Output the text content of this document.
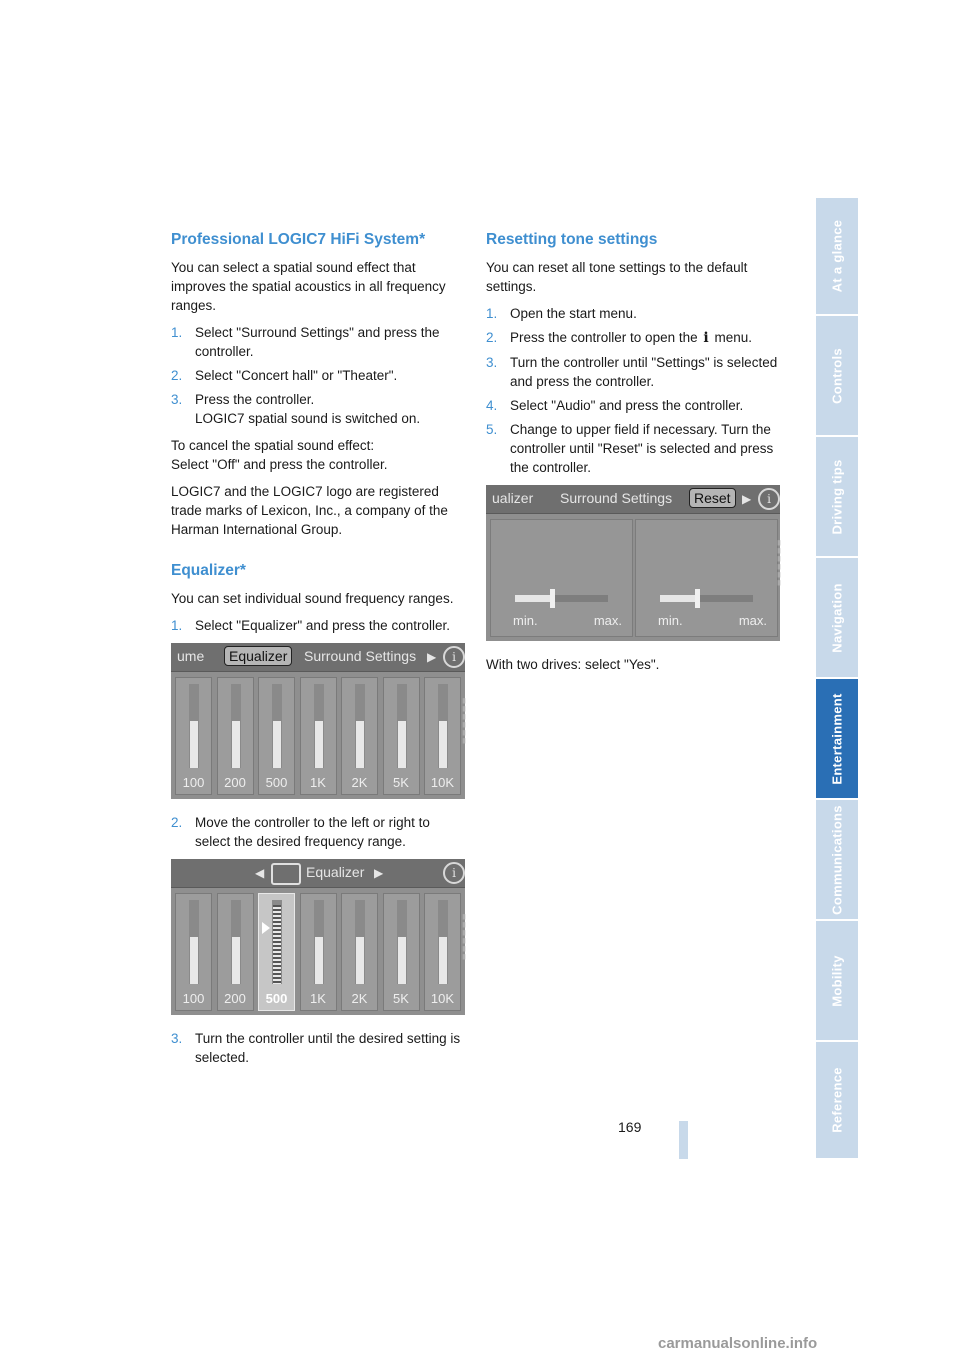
Professional LOGIC7 HiFi System*

You can select a spatial sound effect that improves the spatial acoustics in all frequency ranges.

1. Select "Surround Settings" and press the controller.
2. Select "Concert hall" or "Theater".
3. Press the controller.
LOGIC7 spatial sound is switched on.

To cancel the spatial sound effect:
Select "Off" and press the controller.

LOGIC7 and the LOGIC7 logo are registered trade marks of Lexicon, Inc., a company of the Harman International Group.

Equalizer*

You can set individual sound frequency ranges.

1. Select "Equalizer" and press the controller.
ume	Equalizer	Surround Settings ▶	i
100	200	500	1K	2K	5K	10K
▮▮▮▮▮▮
2. Move the controller to the left or right to select the desired frequency range.
◀	Equalizer ▶	i
100	200	500	1K	2K	5K	10K
▮▮▮▮▮▮
3. Turn the controller until the desired setting is selected.
Resetting tone settings

You can reset all tone settings to the default settings.

1. Open the start menu.
2. Press the controller to open the i menu.
3. Turn the controller until "Settings" is selected and press the controller.
4. Select "Audio" and press the controller.
5. Change to upper field if necessary. Turn the controller until "Reset" is selected and press the controller.
ualizer Surround Settings	Reset ▶	i
min.	max.	min.	max.
▮▮▮▮▮▮

With two drives: select "Yes".

At a glance
Controls
Driving tips
Navigation
Entertainment
Communications
Mobility
Reference
169
carmanualsonline.info
